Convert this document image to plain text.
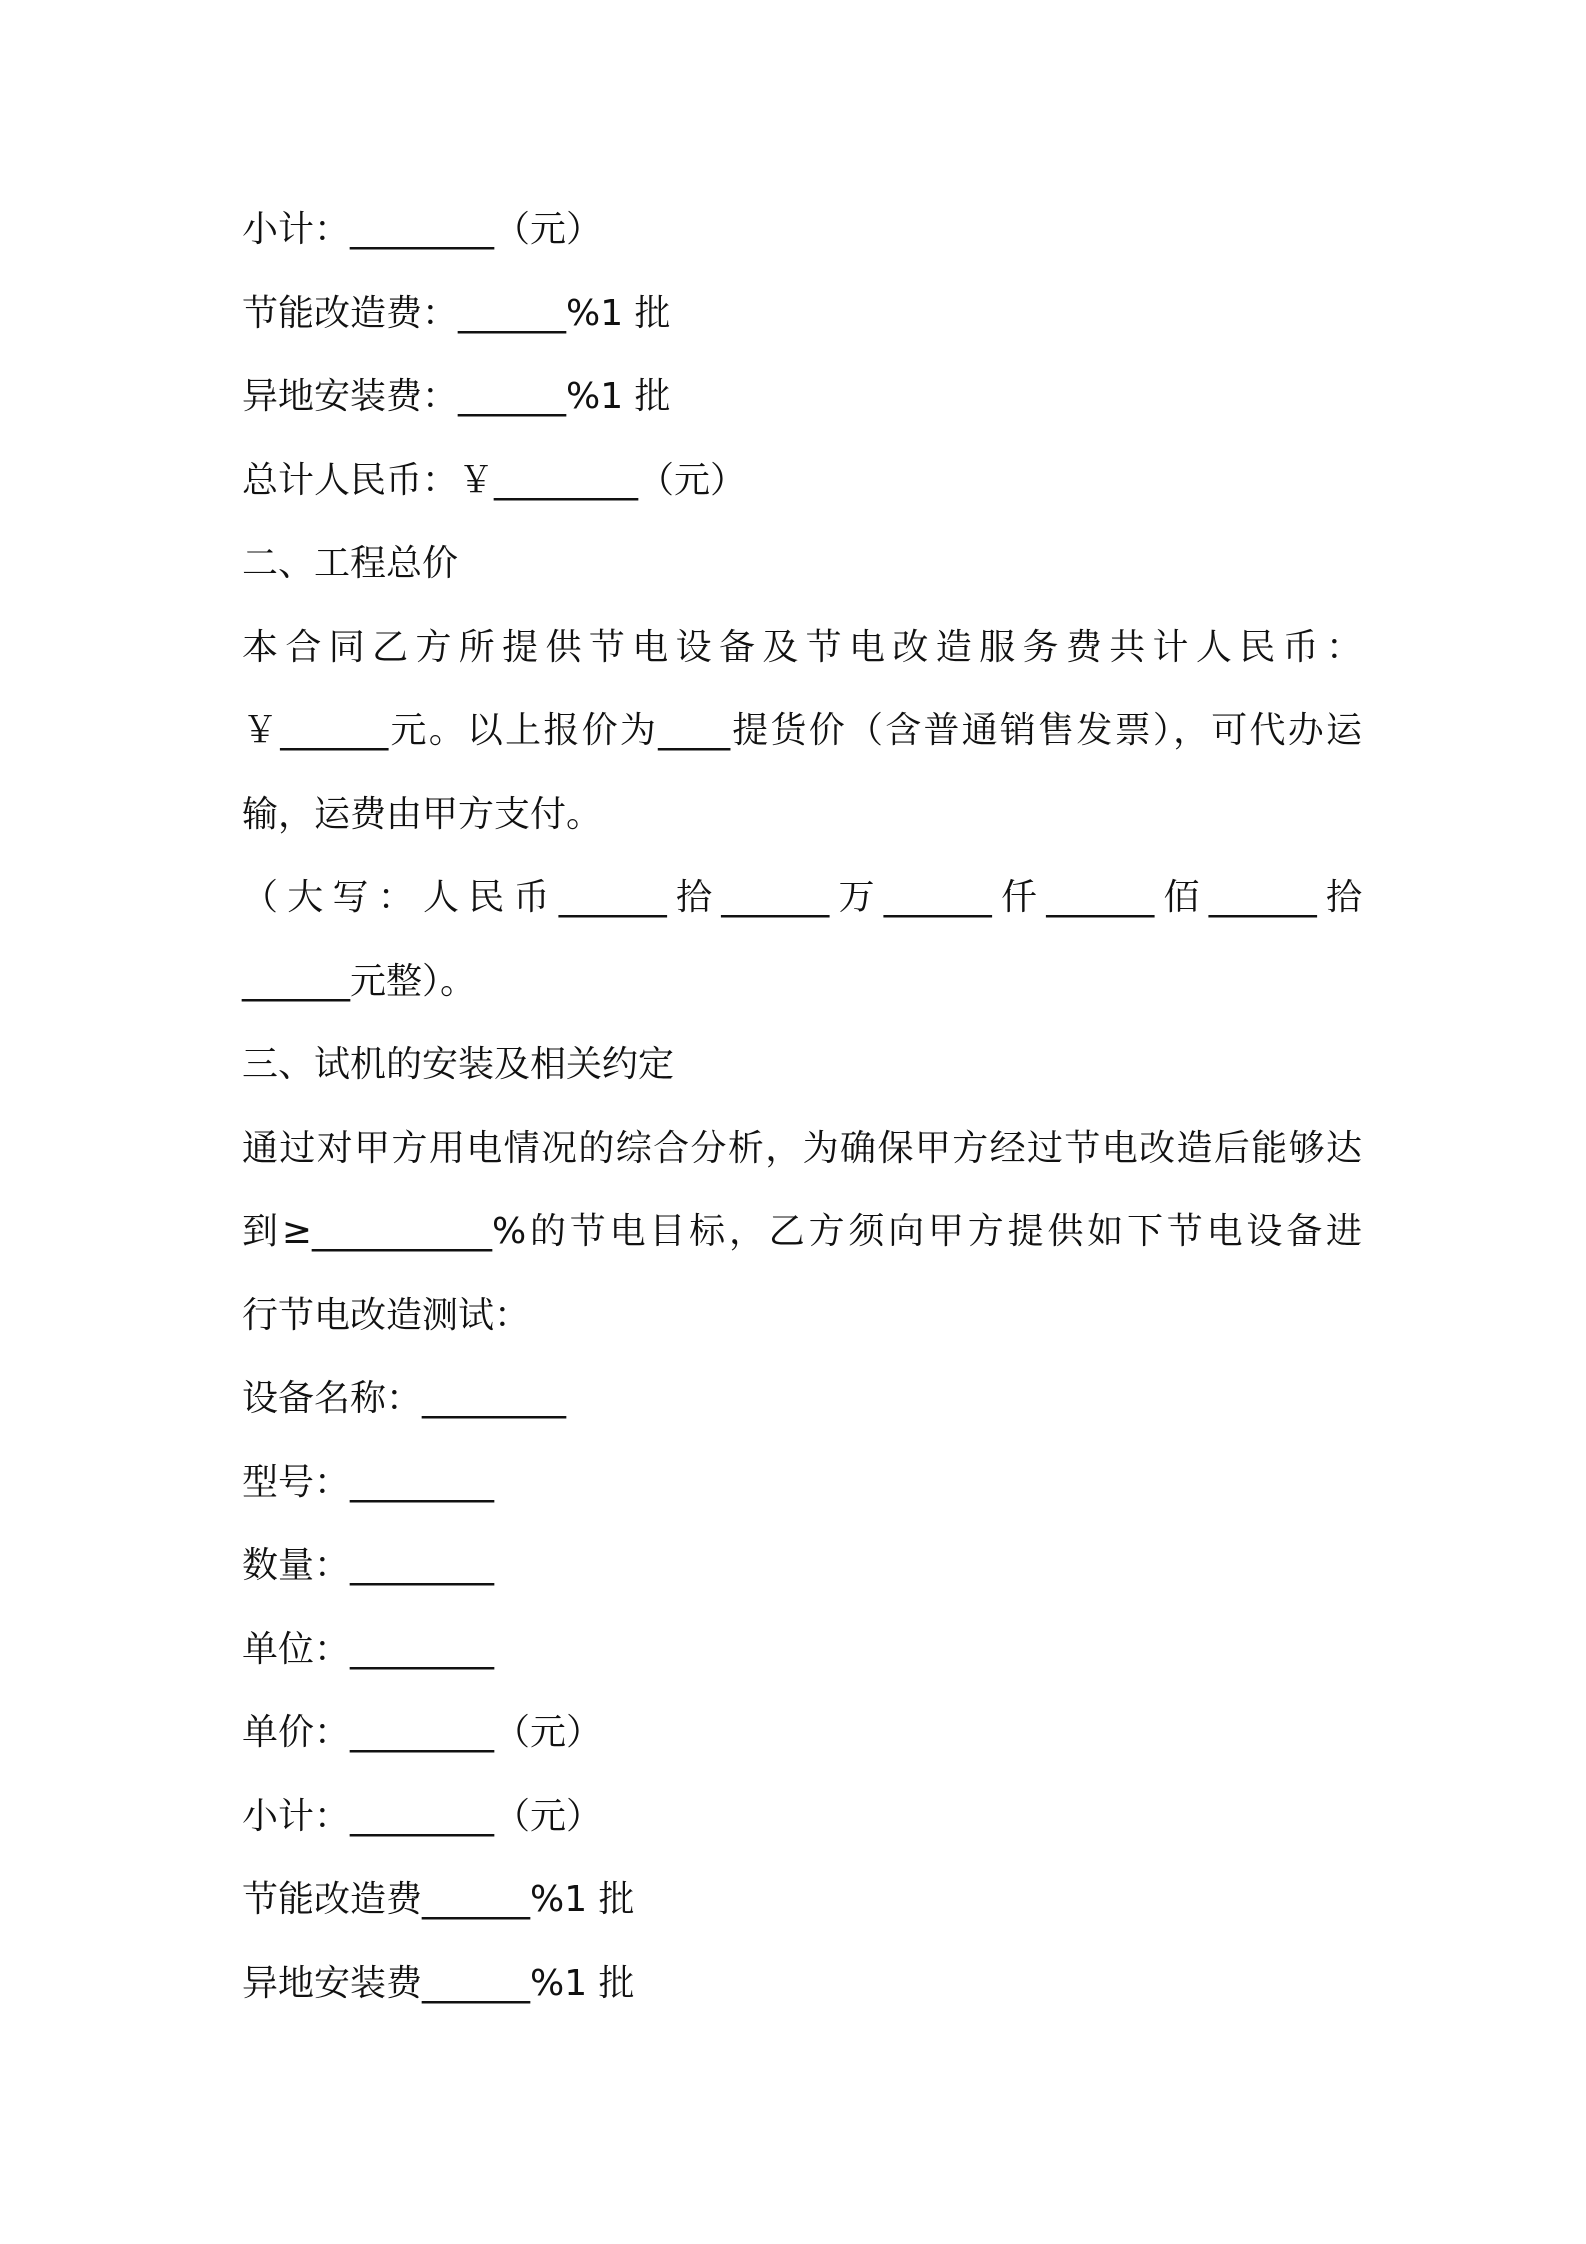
小计：________（元）
节能改造费：______%1 批
异地安装费：______%1 批
总计人民币：￥________（元）
二、工程总价
本合同乙方所提供节电设备及节电改造服务费共计人民币：
￥______元。以上报价为____提货价（含普通销售发票），可代办运
输，运费由甲方支付。
（大写：人民币______拾______万______仟______佰______拾
______元整）。
三、试机的安装及相关约定
通过对甲方用电情况的综合分析，为确保甲方经过节电改造后能够达
到≥__________%的节电目标，乙方须向甲方提供如下节电设备进
行节电改造测试：
设备名称：________
型号：________
数量：________
单位：________
单价：________（元）
小计：________（元）
节能改造费______%1 批
异地安装费______%1 批
